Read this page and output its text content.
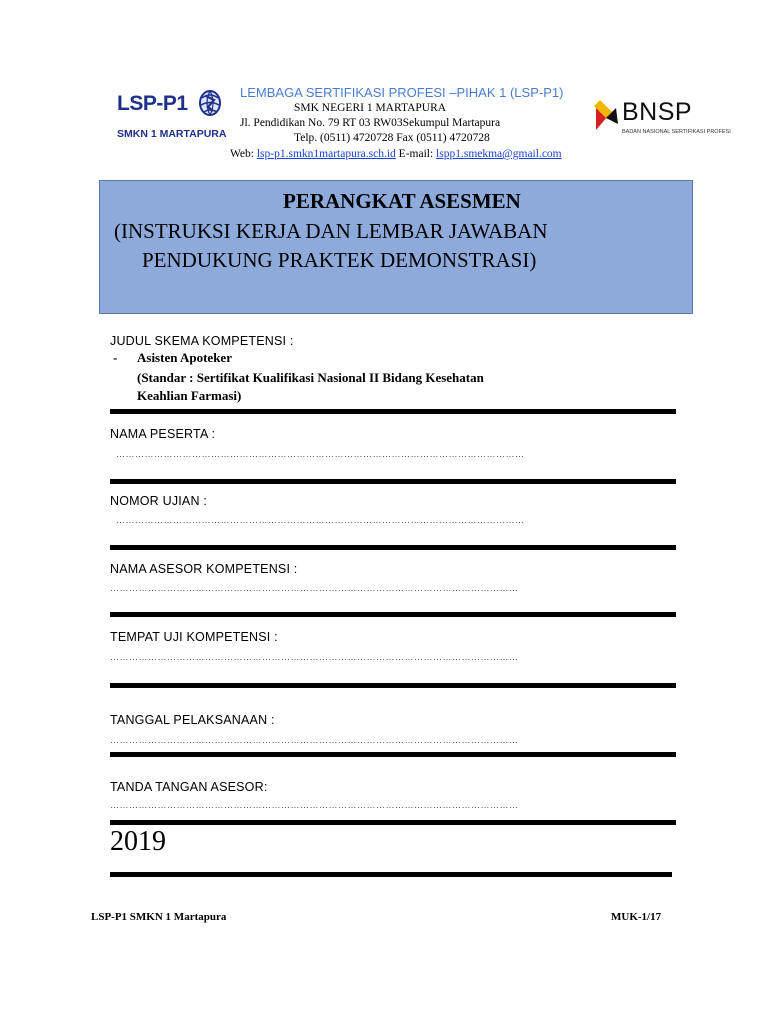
LSP-P1
SMKN 1 MARTAPURA
LEMBAGA SERTIFIKASI PROFESI –PIHAK 1 (LSP-P1)
SMK NEGERI 1 MARTAPURA
Jl. Pendidikan No. 79 RT 03 RW03Sekumpul Martapura
Telp. (0511) 4720728 Fax (0511) 4720728
Web: lsp-p1.smkn1martapura.sch.id E-mail: lspp1.smekma@gmail.com
BNSP
BADAN NASIONAL SERTIFIKASI PROFESI
PERANGKAT ASESMEN
(INSTRUKSI KERJA DAN LEMBAR JAWABAN
PENDUKUNG PRAKTEK DEMONSTRASI)
JUDUL SKEMA KOMPETENSI :
- Asisten Apoteker
(Standar : Sertifikat Kualifikasi Nasional II Bidang Kesehatan
Keahlian Farmasi)
NAMA PESERTA :
…………………………………………………………………………………………………………………
NOMOR UJIAN :
…………………………………………………………………………………………………………………
NAMA ASESOR KOMPETENSI :
…………………………………………………………………………………………………………………
TEMPAT UJI KOMPETENSI :
…………………………………………………………………………………………………………………
TANGGAL PELAKSANAAN :
…………………………………………………………………………………………………………………
TANDA TANGAN ASESOR:
…………………………………………………………………………………………………………………
2019
LSP-P1 SMKN 1 Martapura	MUK-1/17
